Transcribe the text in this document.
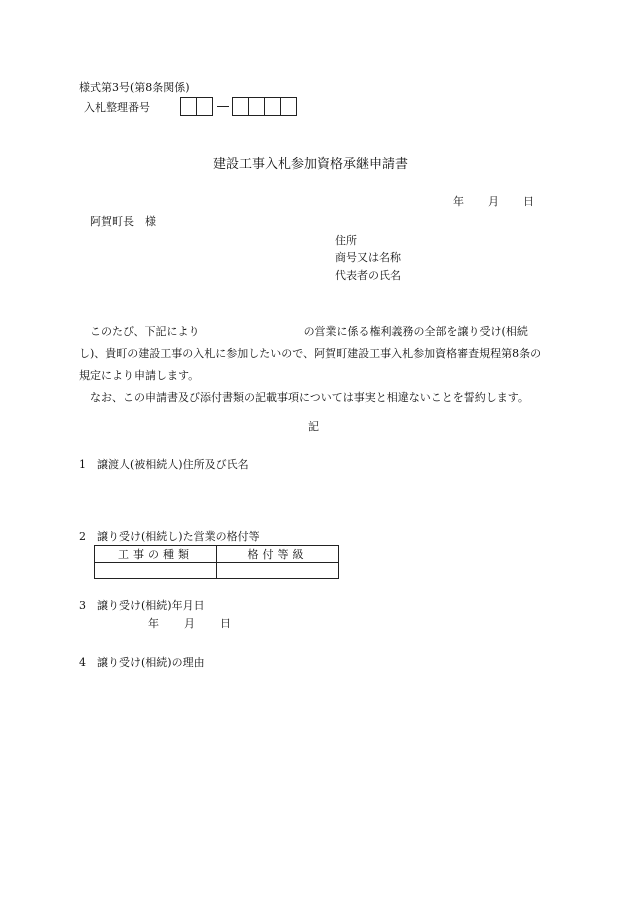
様式第3号(第8条関係)
入札整理番号
建設工事入札参加資格承継申請書
年 月 日
阿賀町長　様
住所
商号又は名称
代表者の氏名

このたび、下記により	の営業に係る権利義務の全部を譲り受け(相続し)、貴町の建設工事の入札に参加したいので、阿賀町建設工事入札参加資格審査規程第8条の規定により申請します。

なお、この申請書及び添付書類の記載事項については事実と相違ないことを誓約します。

記
1　譲渡人(被相続人)住所及び氏名
2　譲り受け(相続し)た営業の格付等
工事の種類	格付等級

3　譲り受け(相続)年月日
年 月 日
4　譲り受け(相続)の理由
